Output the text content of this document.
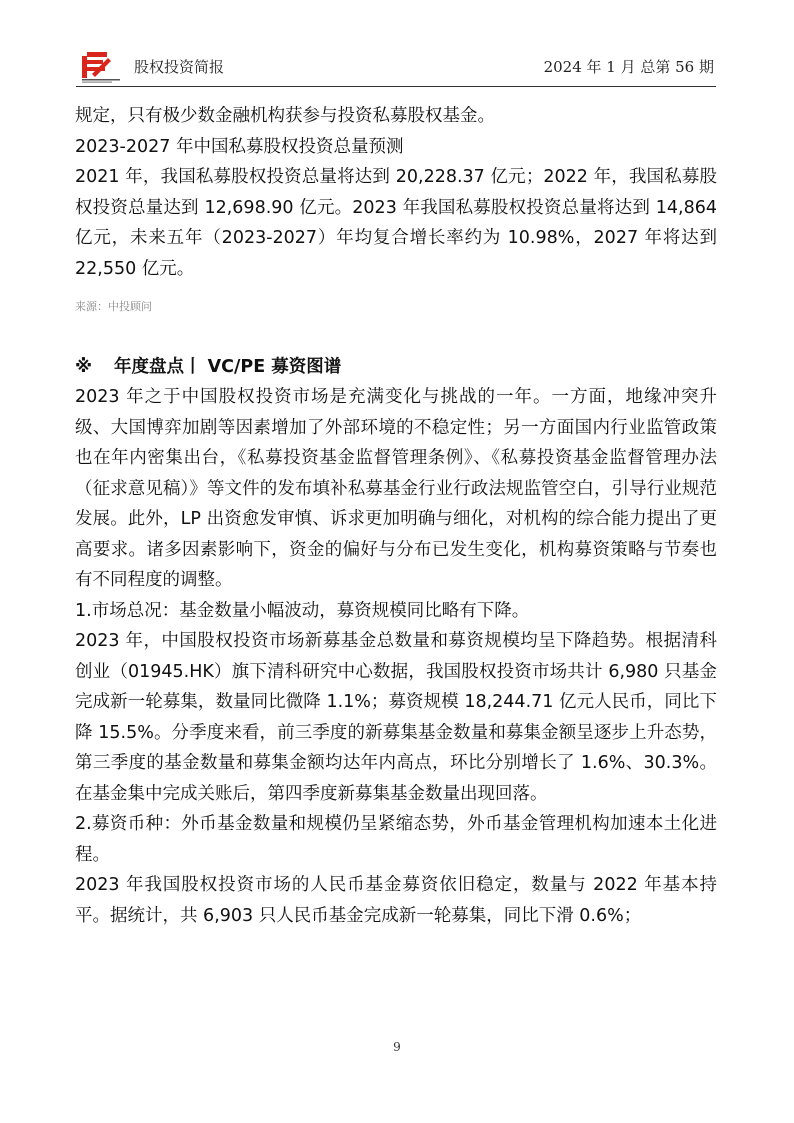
股权投资简报	2024 年 1 月 总第 56 期

规定，只有极少数金融机构获参与投资私募股权基金。

2023-2027 年中国私募股权投资总量预测

2021 年，我国私募股权投资总量将达到 20,228.37 亿元；2022 年，我国私募股权投资总量达到 12,698.90 亿元。2023 年我国私募股权投资总量将达到 14,864 亿元，未来五年（2023-2027）年均复合增长率约为 10.98%，2027 年将达到 22,550 亿元。

来源：中投顾问

※ 年度盘点丨 VC/PE 募资图谱

2023 年之于中国股权投资市场是充满变化与挑战的一年。一方面，地缘冲突升级、大国博弈加剧等因素增加了外部环境的不稳定性；另一方面国内行业监管政策也在年内密集出台，《私募投资基金监督管理条例》、《私募投资基金监督管理办法（征求意见稿）》等文件的发布填补私募基金行业行政法规监管空白，引导行业规范发展。此外，LP 出资愈发审慎、诉求更加明确与细化，对机构的综合能力提出了更高要求。诸多因素影响下，资金的偏好与分布已发生变化，机构募资策略与节奏也有不同程度的调整。

1.市场总况：基金数量小幅波动，募资规模同比略有下降。

2023 年，中国股权投资市场新募基金总数量和募资规模均呈下降趋势。根据清科创业（01945.HK）旗下清科研究中心数据，我国股权投资市场共计 6,980 只基金完成新一轮募集，数量同比微降 1.1%；募资规模 18,244.71 亿元人民币，同比下降 15.5%。分季度来看，前三季度的新募集基金数量和募集金额呈逐步上升态势，第三季度的基金数量和募集金额均达年内高点，环比分别增长了 1.6%、30.3%。在基金集中完成关账后，第四季度新募集基金数量出现回落。

2.募资币种：外币基金数量和规模仍呈紧缩态势，外币基金管理机构加速本土化进程。

2023 年我国股权投资市场的人民币基金募资依旧稳定，数量与 2022 年基本持平。据统计，共 6,903 只人民币基金完成新一轮募集，同比下滑 0.6%；

9
